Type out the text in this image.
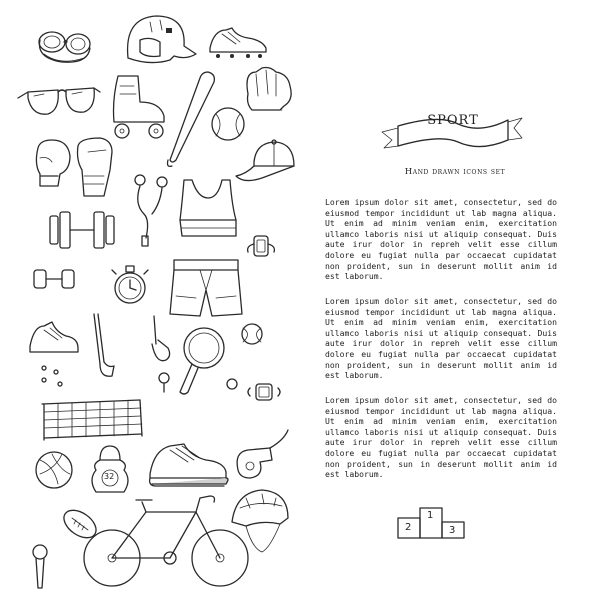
SPORT
Hand drawn icons set

Lorem ipsum dolor sit amet, consectetur, sed do eiusmod tempor incididunt ut lab magna aliqua. Ut enim ad minim veniam enim, exercitation ullamco laboris nisi ut aliquip consequat. Duis aute irur dolor in repreh velit esse cillum dolore eu fugiat nulla par occaecat cupidatat non proident, sun in deserunt mollit anim id est laborum.

Lorem ipsum dolor sit amet, consectetur, sed do eiusmod tempor incididunt ut lab magna aliqua. Ut enim ad minim veniam enim, exercitation ullamco laboris nisi ut aliquip consequat. Duis aute irur dolor in repreh velit esse cillum dolore eu fugiat nulla par occaecat cupidatat non proident, sun in deserunt mollit anim id est laborum.

Lorem ipsum dolor sit amet, consectetur, sed do eiusmod tempor incididunt ut lab magna aliqua. Ut enim ad minim veniam enim, exercitation ullamco laboris nisi ut aliquip consequat. Duis aute irur dolor in repreh velit esse cillum dolore eu fugiat nulla par occaecat cupidatat non proident, sun in deserunt mollit anim id est laborum.

1
2	3
32
